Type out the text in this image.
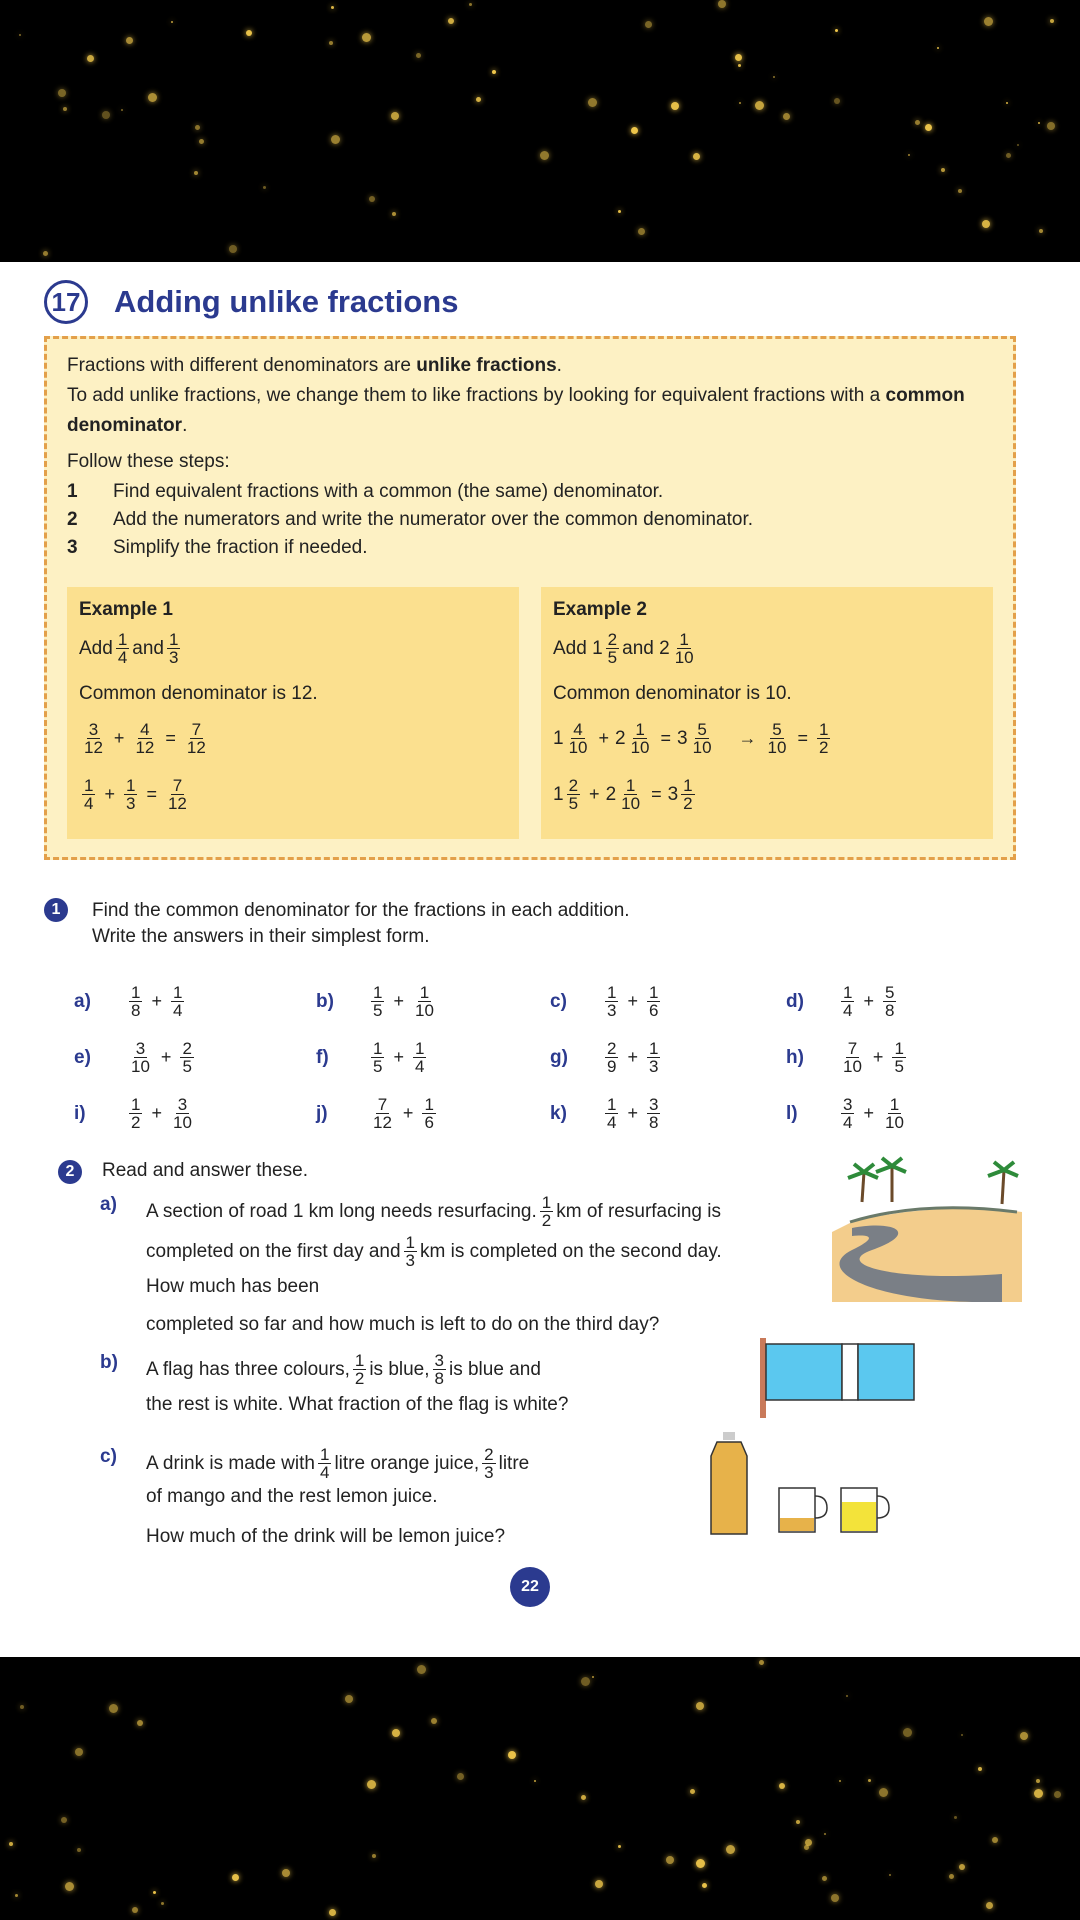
17 Adding unlike fractions
Fractions with different denominators are unlike fractions.
To add unlike fractions, we change them to like fractions by looking for equivalent fractions with a common denominator.
Follow these steps:
1	Find equivalent fractions with a common (the same) denominator.
2	Add the numerators and write the numerator over the common denominator.
3	Simplify the fraction if needed.
Example 1
Add $\frac{1}{4}$ and $\frac{1}{3}$
Common denominator is 12.
$\frac{3}{12} + \frac{4}{12} = \frac{7}{12}$
$\frac{1}{4} + \frac{1}{3} = \frac{7}{12}$
Example 2
Add
$1 \frac{2}{5}$ and
$2 \frac{1}{10}$
Common denominator is 10.
$1 \frac{4}{10} + 2 \frac{1}{10} = 3 \frac{5}{10} \to \frac{5}{10} = \frac{1}{2}$
$1 \frac{2}{5} + 2 \frac{1}{10} = 3 \frac{1}{2}$
1	Find the common denominator for the fractions in each addition.
Write the answers in their simplest form.
a)	$\frac{1}{8} + \frac{1}{4}$	b)	$\frac{1}{5} + \frac{1}{10}$	c)	$\frac{1}{3} + \frac{1}{6}$	d)	$\frac{1}{4} + \frac{5}{8}$
e)	$\frac{3}{10} + \frac{2}{5}$	f)	$\frac{1}{5} + \frac{1}{4}$	g)	$\frac{2}{9} + \frac{1}{3}$	h)	$\frac{7}{10} + \frac{1}{5}$
i)	$\frac{1}{2} + \frac{3}{10}$	j)	$\frac{7}{12} + \frac{1}{6}$	k)	$\frac{1}{4} + \frac{3}{8}$	l)	$\frac{3}{4} + \frac{1}{10}$
2	Read and answer these.
a) A section of road 1 km long needs resurfacing. $\frac{1}{2}$ km of resurfacing is
completed on the first day and $\frac{1}{3}$ km is completed on the second day.
How much has been
completed so far and how much is left to do on the third day?
b) A flag has three colours, $\frac{1}{2}$ is blue, $\frac{3}{8}$ is blue and
the rest is white. What fraction of the flag is white?
c) A drink is made with $\frac{1}{4}$ litre orange juice, $\frac{2}{3}$ litre
of mango and the rest lemon juice.
How much of the drink will be lemon juice?
22
